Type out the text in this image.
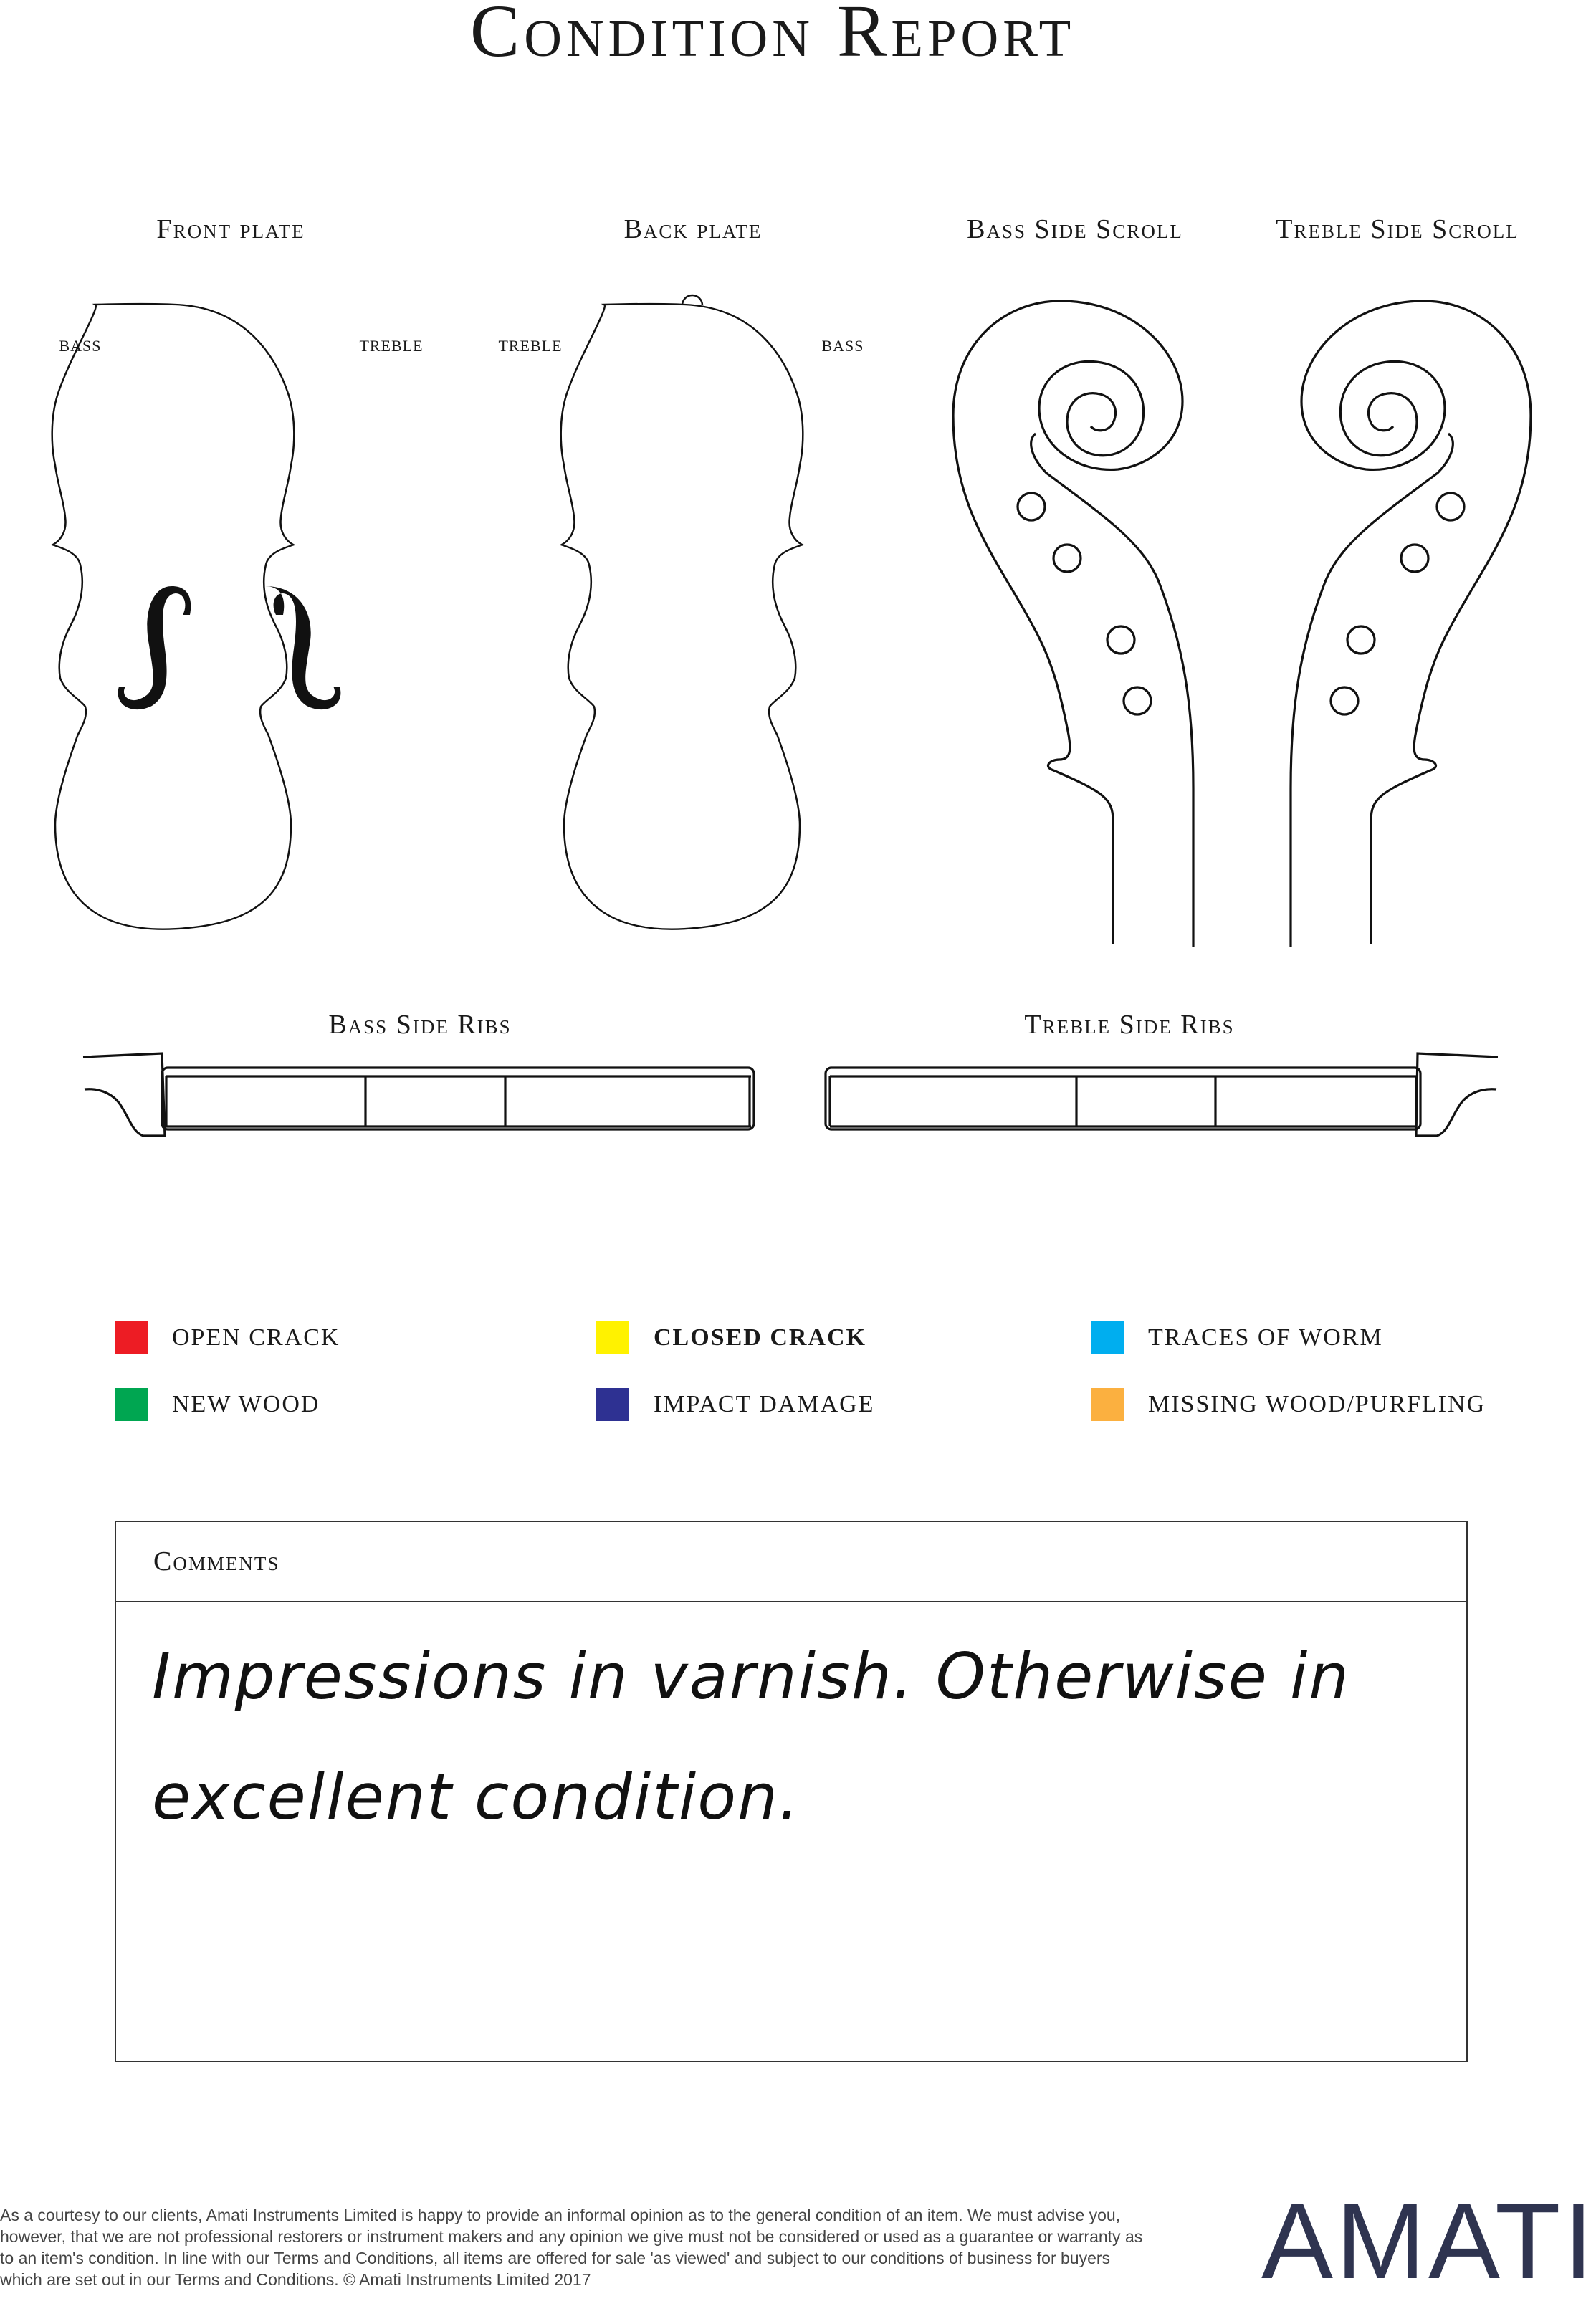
Condition Report
Front plate	Back plate	Bass Side Scroll	Treble Side Scroll
BASS	TREBLE	TREBLE	BASS
Bass Side Ribs	Treble Side Ribs
OPEN CRACK	CLOSED CRACK	TRACES OF WORM
NEW WOOD	IMPACT DAMAGE	MISSING WOOD/PURFLING
Comments
Impressions in varnish. Otherwise in excellent condition.
As a courtesy to our clients, Amati Instruments Limited is happy to provide an informal opinion as to the general condition of an item. We must advise you, however, that we are not professional restorers or instrument makers and any opinion we give must not be considered or used as a guarantee or warranty as to an item's condition. In line with our Terms and Conditions, all items are offered for sale 'as viewed' and subject to our conditions of business for buyers which are set out in our Terms and Conditions. © Amati Instruments Limited 2017	AMATI
